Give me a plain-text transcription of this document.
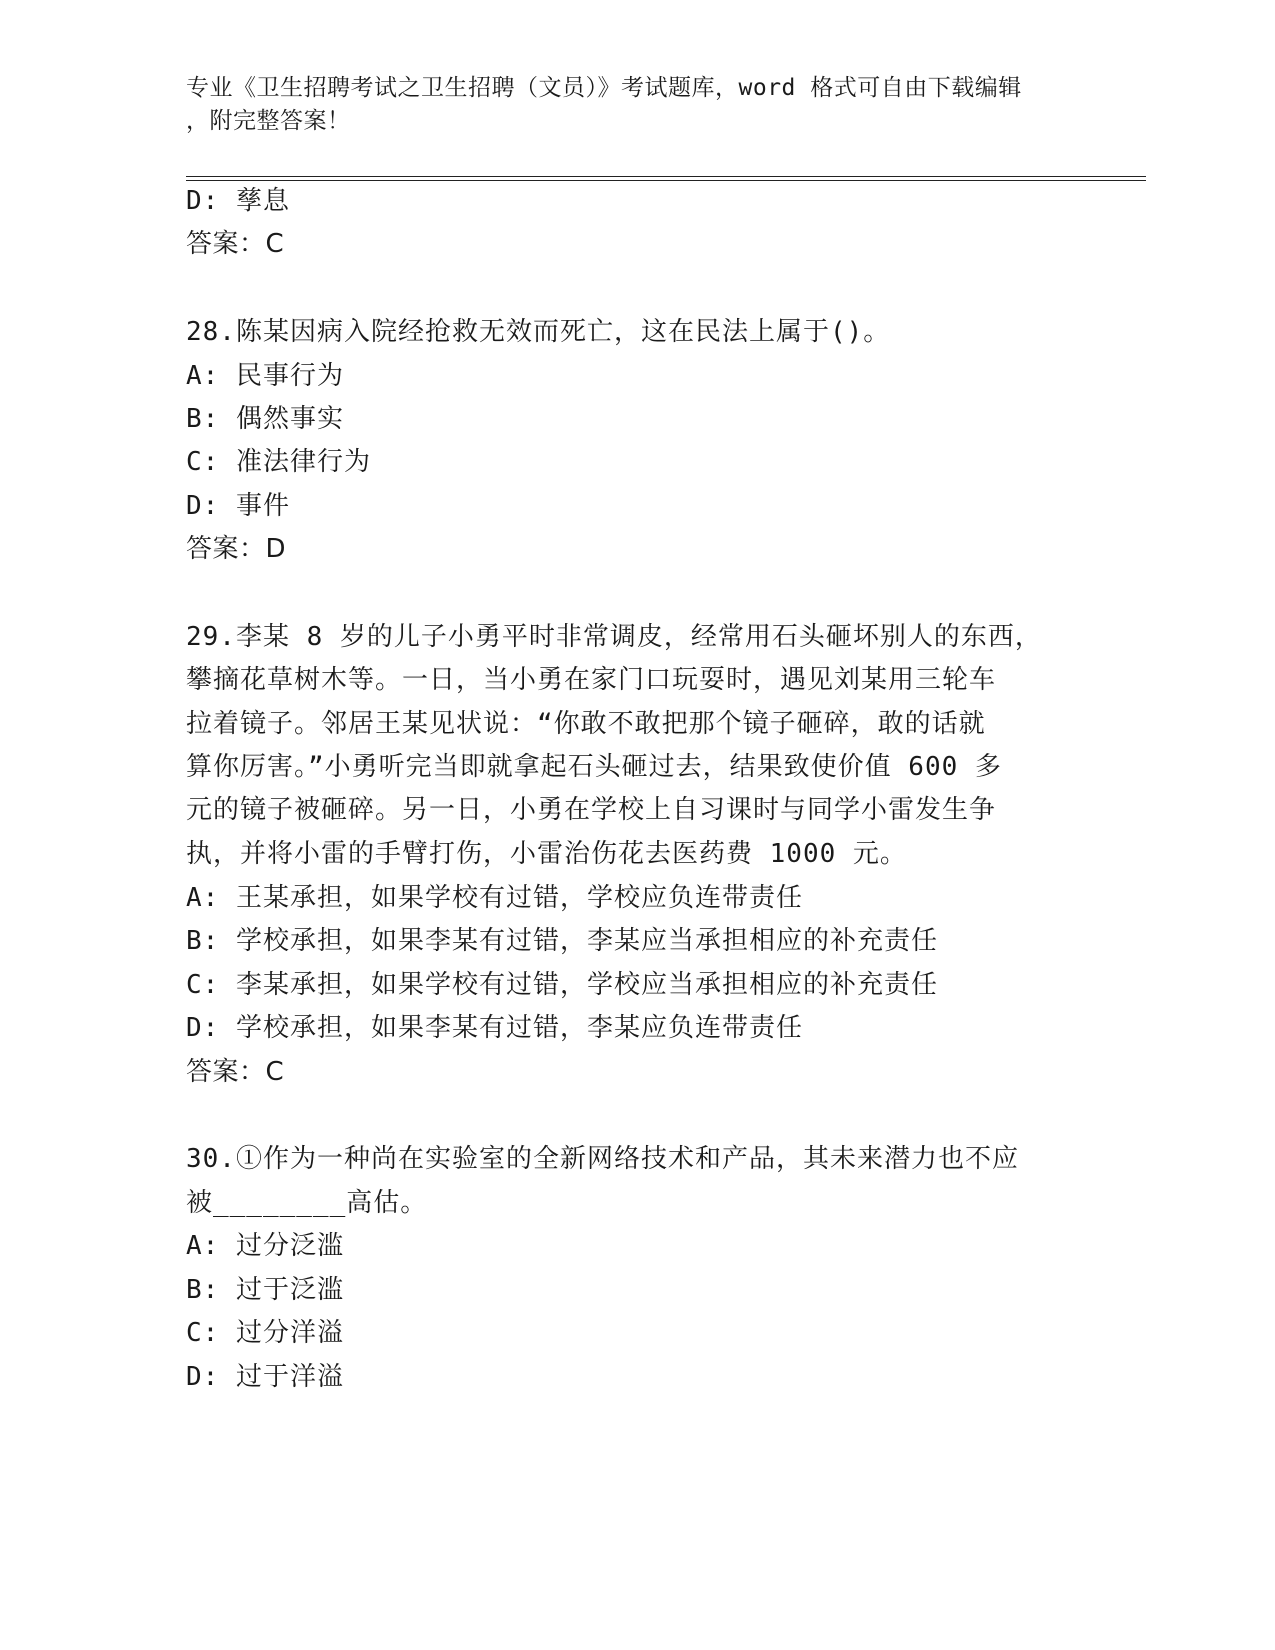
专业《卫生招聘考试之卫生招聘（文员）》考试题库，word 格式可自由下载编辑
，附完整答案！
D: 孳息
答案：C
28.陈某因病入院经抢救无效而死亡，这在民法上属于()。
A: 民事行为
B: 偶然事实
C: 准法律行为
D: 事件
答案：D
29.李某 8 岁的儿子小勇平时非常调皮，经常用石头砸坏别人的东西，
攀摘花草树木等。一日，当小勇在家门口玩耍时，遇见刘某用三轮车
拉着镜子。邻居王某见状说：“你敢不敢把那个镜子砸碎，敢的话就
算你厉害。”小勇听完当即就拿起石头砸过去，结果致使价值 600 多
元的镜子被砸碎。另一日，小勇在学校上自习课时与同学小雷发生争
执，并将小雷的手臂打伤，小雷治伤花去医药费 1000 元。
A: 王某承担，如果学校有过错，学校应负连带责任
B: 学校承担，如果李某有过错，李某应当承担相应的补充责任
C: 李某承担，如果学校有过错，学校应当承担相应的补充责任
D: 学校承担，如果李某有过错，李某应负连带责任
答案：C
30.①作为一种尚在实验室的全新网络技术和产品，其未来潜力也不应
被________高估。
A: 过分泛滥
B: 过于泛滥
C: 过分洋溢
D: 过于洋溢
